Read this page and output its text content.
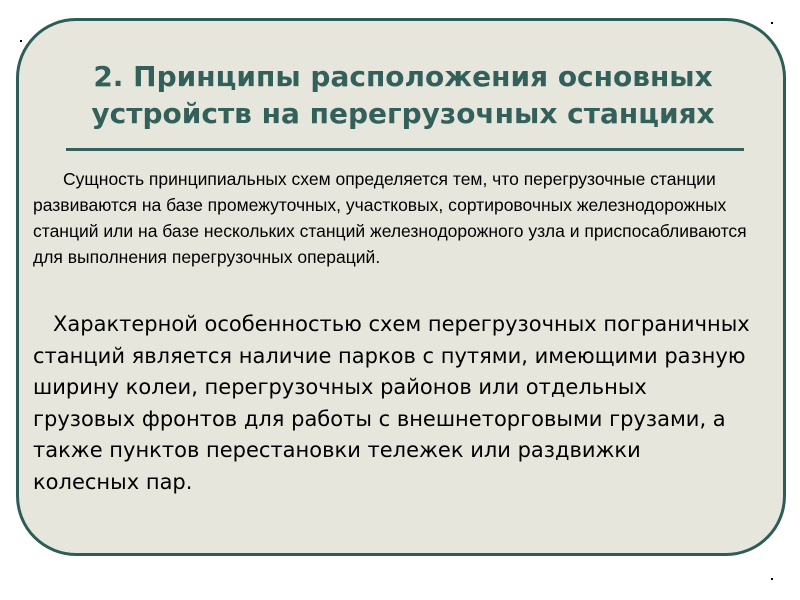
2. Принципы расположения основных устройств на перегрузочных станциях

Сущность принципиальных схем определяется тем, что перегрузочные станции развиваются на базе промежуточных, участковых, сортировочных железнодорожных станций или на базе нескольких станций железнодорожного узла и приспосабливаются для выполнения перегрузочных операций.

Характерной особенностью схем перегрузочных пограничных станций является наличие парков с путями, имеющими разную ширину колеи, перегрузочных районов или отдельных грузовых фронтов для работы с внешнеторговыми грузами, а также пунктов перестановки тележек или раздвижки колесных пар.
